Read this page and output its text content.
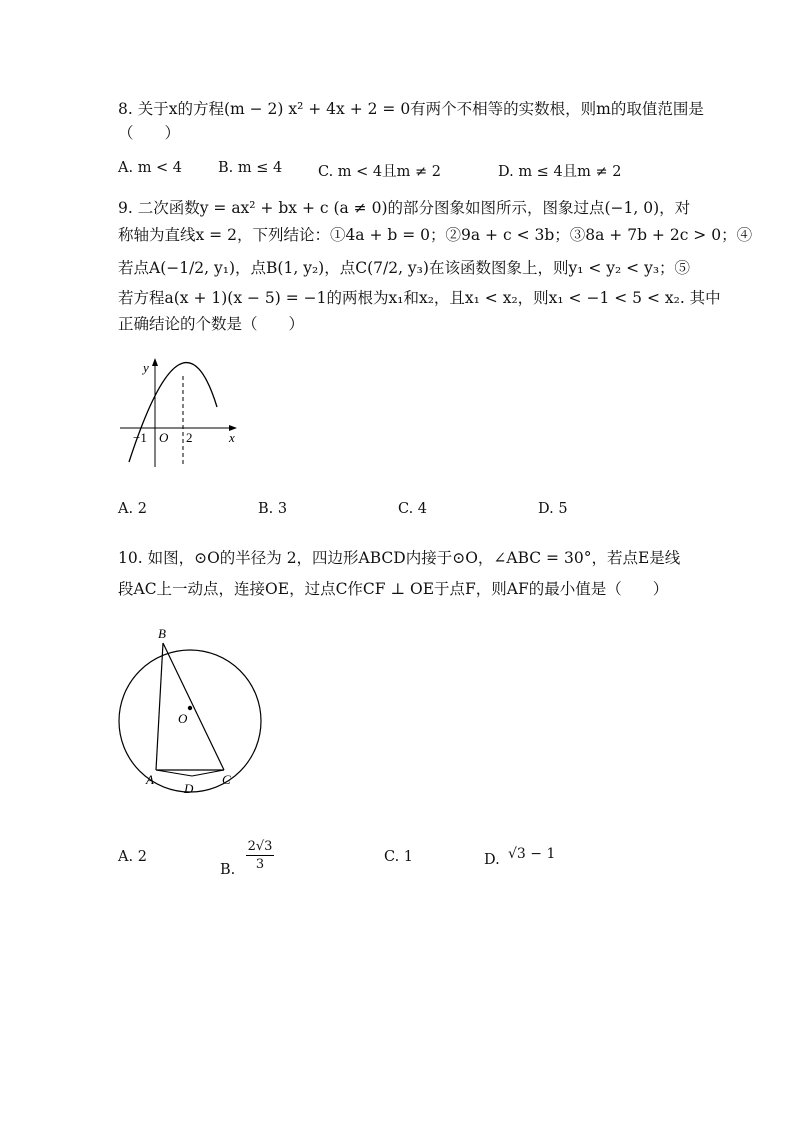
8. 关于x的方程(m − 2) x² + 4x + 2 = 0有两个不相等的实数根，则m的取值范围是
（　　）
A. m < 4 B. m ≤ 4 C. m < 4且m ≠ 2	D. m ≤ 4且m ≠ 2
9. 二次函数y = ax² + bx + c (a ≠ 0)的部分图象如图所示，图象过点(−1, 0)，对
称轴为直线x = 2，下列结论：①4a + b = 0；②9a + c < 3b；③8a + 7b + 2c > 0；④
若点A(−1/2, y₁)，点B(1, y₂)，点C(7/2, y₃)在该函数图象上，则y₁ < y₂ < y₃；⑤
若方程a(x + 1)(x − 5) = −1的两根为x₁和x₂，且x₁ < x₂，则x₁ < −1 < 5 < x₂. 其中
正确结论的个数是（　　）
y
x
−1 O 2
A. 2	B. 3	C. 4	D. 5
10. 如图，⊙O的半径为 2，四边形ABCD内接于⊙O，∠ABC = 30°，若点E是线
段AC上一动点，连接OE，过点C作CF ⊥ OE于点F，则AF的最小值是（　　）
B
O
A
D
C
A. 2
B. $\frac{2√3}{3}$	C. 1	D. √3 − 1
